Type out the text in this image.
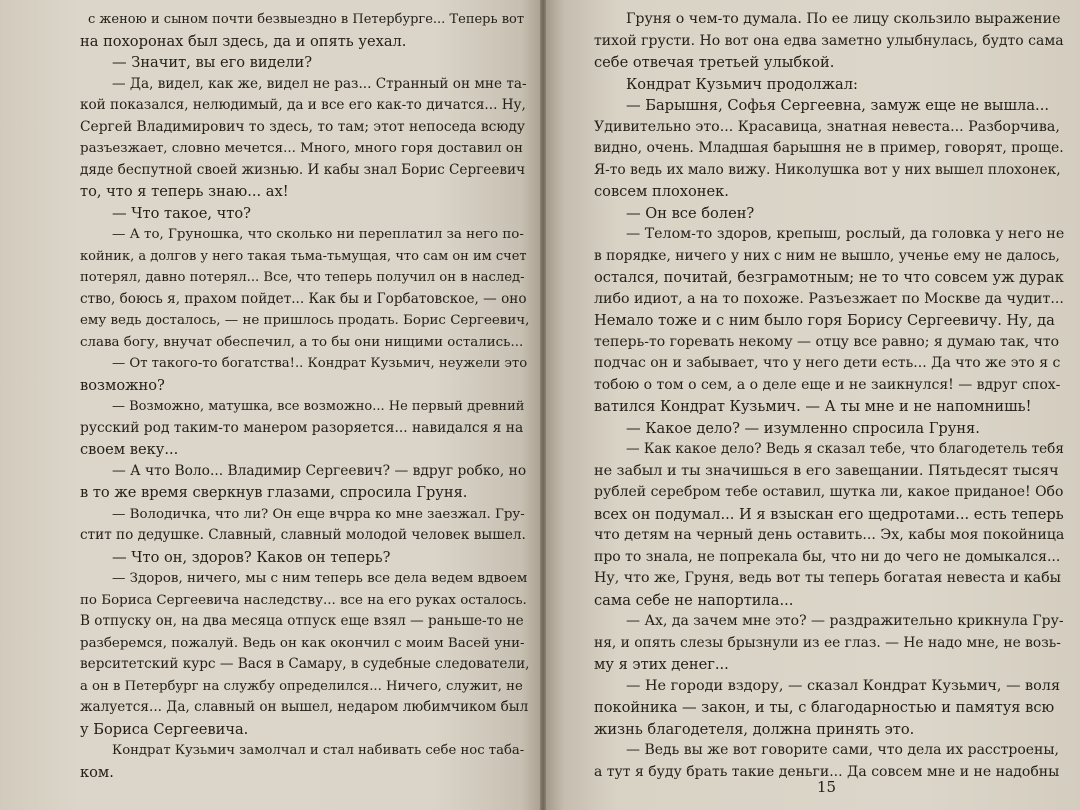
с женою и сыном почти безвыездно в Петербурге... Теперь вот
на похоронах был здесь, да и опять уехал.
— Значит, вы его видели?
— Да, видел, как же, видел не раз... Странный он мне та-
кой показался, нелюдимый, да и все его как-то дичатся... Ну,
Сергей Владимирович то здесь, то там; этот непоседа всюду
разъезжает, словно мечется... Много, много горя доставил он
дяде беспутной своей жизнью. И кабы знал Борис Сергеевич
то, что я теперь знаю... ах!
— Что такое, что?
— А то, Груношка, что сколько ни переплатил за него по-
койник, а долгов у него такая тьма-тьмущая, что сам он им счет
потерял, давно потерял... Все, что теперь получил он в наслед-
ство, боюсь я, прахом пойдет... Как бы и Горбатовское, — оно
ему ведь досталось, — не пришлось продать. Борис Сергеевич,
слава богу, внучат обеспечил, а то бы они нищими остались...
— От такого-то богатства!.. Кондрат Кузьмич, неужели это
возможно?
— Возможно, матушка, все возможно... Не первый древний
русский род таким-то манером разоряется... навидался я на
своем веку...
— А что Воло... Владимир Сергеевич? — вдруг робко, но
в то же время сверкнув глазами, спросила Груня.
— Володичка, что ли? Он еще вчрра ко мне заезжал. Гру-
стит по дедушке. Славный, славный молодой человек вышел.
— Что он, здоров? Каков он теперь?
— Здоров, ничего, мы с ним теперь все дела ведем вдвоем
по Бориса Сергеевича наследству... все на его руках осталось.
В отпуску он, на два месяца отпуск еще взял — раньше-то не
разберемся, пожалуй. Ведь он как окончил с моим Васей уни-
верситетский курс — Вася в Самару, в судебные следователи,
а он в Петербург на службу определился... Ничего, служит, не
жалуется... Да, славный он вышел, недаром любимчиком был
у Бориса Сергеевича.
Кондрат Кузьмич замолчал и стал набивать себе нос таба-
ком.
Груня о чем-то думала. По ее лицу скользило выражение
тихой грусти. Но вот она едва заметно улыбнулась, будто сама
себе отвечая третьей улыбкой.
Кондрат Кузьмич продолжал:
— Барышня, Софья Сергеевна, замуж еще не вышла...
Удивительно это... Красавица, знатная невеста... Разборчива,
видно, очень. Младшая барышня не в пример, говорят, проще.
Я-то ведь их мало вижу. Николушка вот у них вышел плохонек,
совсем плохонек.
— Он все болен?
— Телом-то здоров, крепыш, рослый, да головка у него не
в порядке, ничего у них с ним не вышло, ученье ему не далось,
остался, почитай, безграмотным; не то что совсем уж дурак
либо идиот, а на то похоже. Разъезжает по Москве да чудит...
Немало тоже и с ним было горя Борису Сергеевичу. Ну, да
теперь-то горевать некому — отцу все равно; я думаю так, что
подчас он и забывает, что у него дети есть... Да что же это я с
тобою о том о сем, а о деле еще и не заикнулся! — вдруг спох-
ватился Кондрат Кузьмич. — А ты мне и не напомнишь!
— Какое дело? — изумленно спросила Груня.
— Как какое дело? Ведь я сказал тебе, что благодетель тебя
не забыл и ты значишься в его завещании. Пятьдесят тысяч
рублей серебром тебе оставил, шутка ли, какое приданое! Обо
всех он подумал... И я взыскан его щедротами... есть теперь
что детям на черный день оставить... Эх, кабы моя покойница
про то знала, не попрекала бы, что ни до чего не домыкался...
Ну, что же, Груня, ведь вот ты теперь богатая невеста и кабы
сама себе не напортила...
— Ах, да зачем мне это? — раздражительно крикнула Гру-
ня, и опять слезы брызнули из ее глаз. — Не надо мне, не возь-
му я этих денег...
— Не городи вздору, — сказал Кондрат Кузьмич, — воля
покойника — закон, и ты, с благодарностью и памятуя всю
жизнь благодетеля, должна принять это.
— Ведь вы же вот говорите сами, что дела их расстроены,
а тут я буду брать такие деньги... Да совсем мне и не надобны
15
